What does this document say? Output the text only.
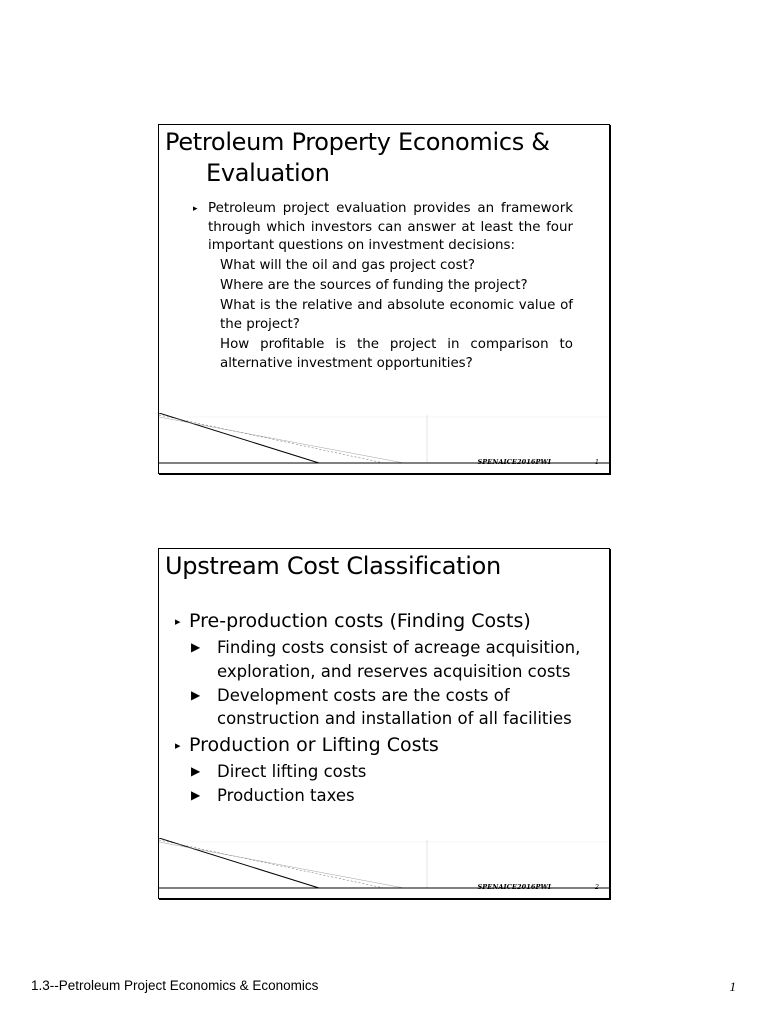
Petroleum Property Economics &
Evaluation
▸ Petroleum project evaluation provides an framework through which investors can answer at least the four important questions on investment decisions:
What will the oil and gas project cost?
Where are the sources of funding the project?
What is the relative and absolute economic value of the project?
How profitable is the project in comparison to alternative investment opportunities?
SPENAICE2016PWI	1
Upstream Cost Classification
▸ Pre-production costs (Finding Costs)
▶ Finding costs consist of acreage acquisition, exploration, and reserves acquisition costs
▶ Development costs are the costs of construction and installation of all facilities
▸ Production or Lifting Costs
▶ Direct lifting costs
▶ Production taxes
SPENAICE2016PWI	2
1.3--Petroleum Project Economics & Economics	1
